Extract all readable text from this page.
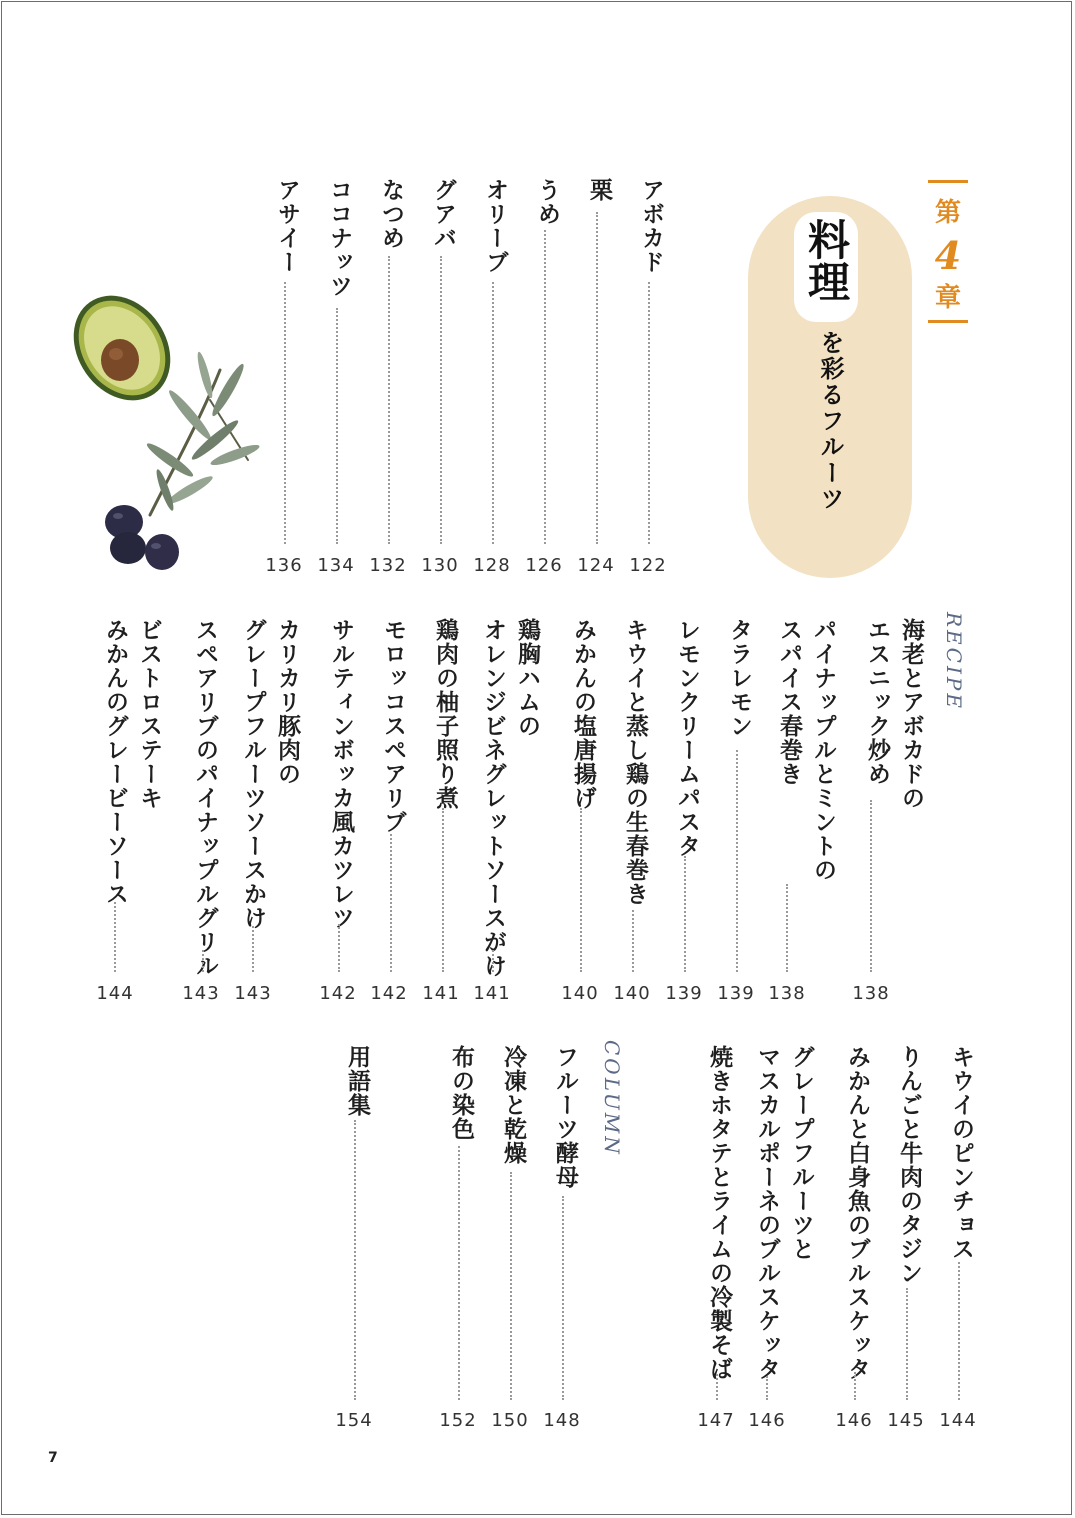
第
4
章
料理
を彩るフルーツ
RECIPE
COLUMN
アボカド
122
栗
124
うめ
126
オリーブ
128
グアバ
130
なつめ
132
ココナッツ
134
アサイー
136
海老とアボカドの
エスニック炒め
138
パイナップルとミントの
スパイス春巻き
138
タラレモン
139
レモンクリームパスタ
139
キウイと蒸し鶏の生春巻き
140
みかんの塩唐揚げ
140
鶏胸ハムの
オレンジビネグレットソースがけ
141
鶏肉の柚子照り煮
141
モロッコスペアリブ
142
サルティンボッカ風カツレツ
142
カリカリ豚肉の
グレープフルーツソースかけ
143
スペアリブのパイナップルグリル
143
ビストロステーキ
みかんのグレービーソース
144
キウイのピンチョス
144
りんごと牛肉のタジン
145
みかんと白身魚のブルスケッタ
146
グレープフルーツと
マスカルポーネのブルスケッタ
146
焼きホタテとライムの冷製そば
147
フルーツ酵母
148
冷凍と乾燥
150
布の染色
152
用語集
154
7
